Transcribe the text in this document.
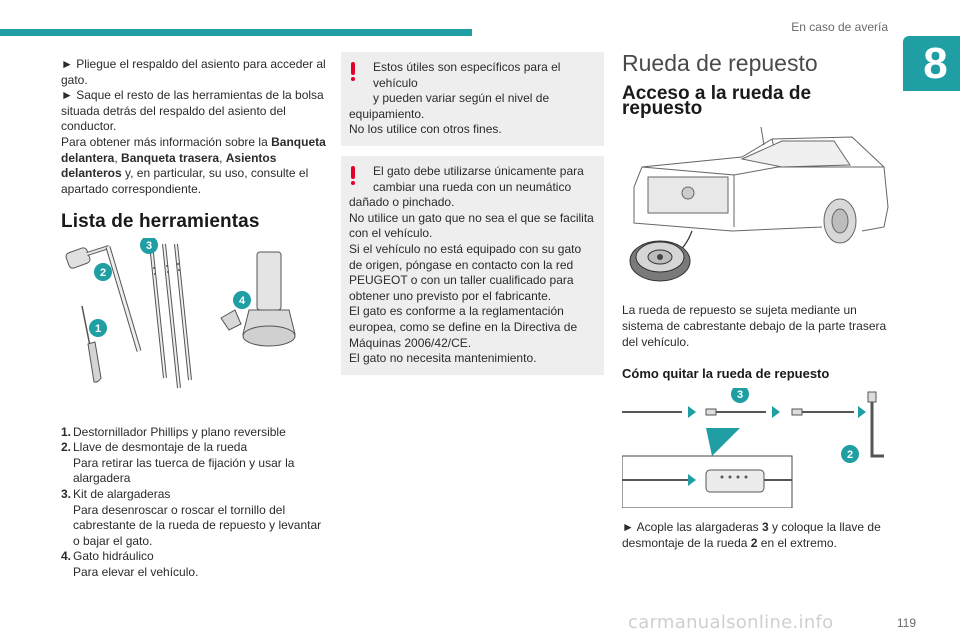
En caso de avería
8

► Pliegue el respaldo del asiento para acceder al gato.

► Saque el resto de las herramientas de la bolsa situada detrás del respaldo del asiento del conductor.

Para obtener más información sobre la Banqueta delantera, Banqueta trasera, Asientos delanteros y, en particular, su uso, consulte el apartado correspondiente.

Lista de herramientas
1
2
3
4
1. Destornillador Phillips y plano reversible
2. Llave de desmontaje de la rueda
Para retirar las tuerca de fijación y usar la alargadera
3. Kit de alargaderas
Para desenroscar o roscar el tornillo del cabrestante de la rueda de repuesto y levantar o bajar el gato.
4. Gato hidráulico
Para elevar el vehículo.
Estos útiles son específicos para el vehículo
y pueden variar según el nivel de
equipamiento.
No los utilice con otros fines.
El gato debe utilizarse únicamente para
cambiar una rueda con un neumático
dañado o pinchado.
No utilice un gato que no sea el que se facilita
con el vehículo.
Si el vehículo no está equipado con su gato
de origen, póngase en contacto con la red
PEUGEOT o con un taller cualificado para
obtener uno previsto por el fabricante.
El gato es conforme a la reglamentación
europea, como se define en la Directiva de
Máquinas 2006/42/CE.
El gato no necesita mantenimiento.
Rueda de repuesto
Acceso a la rueda de repuesto

La rueda de repuesto se sujeta mediante un sistema de cabrestante debajo de la parte trasera del vehículo.

Cómo quitar la rueda de repuesto
3
2

► Acople las alargaderas 3 y coloque la llave de desmontaje de la rueda 2 en el extremo.

carmanualsonline.info	119
